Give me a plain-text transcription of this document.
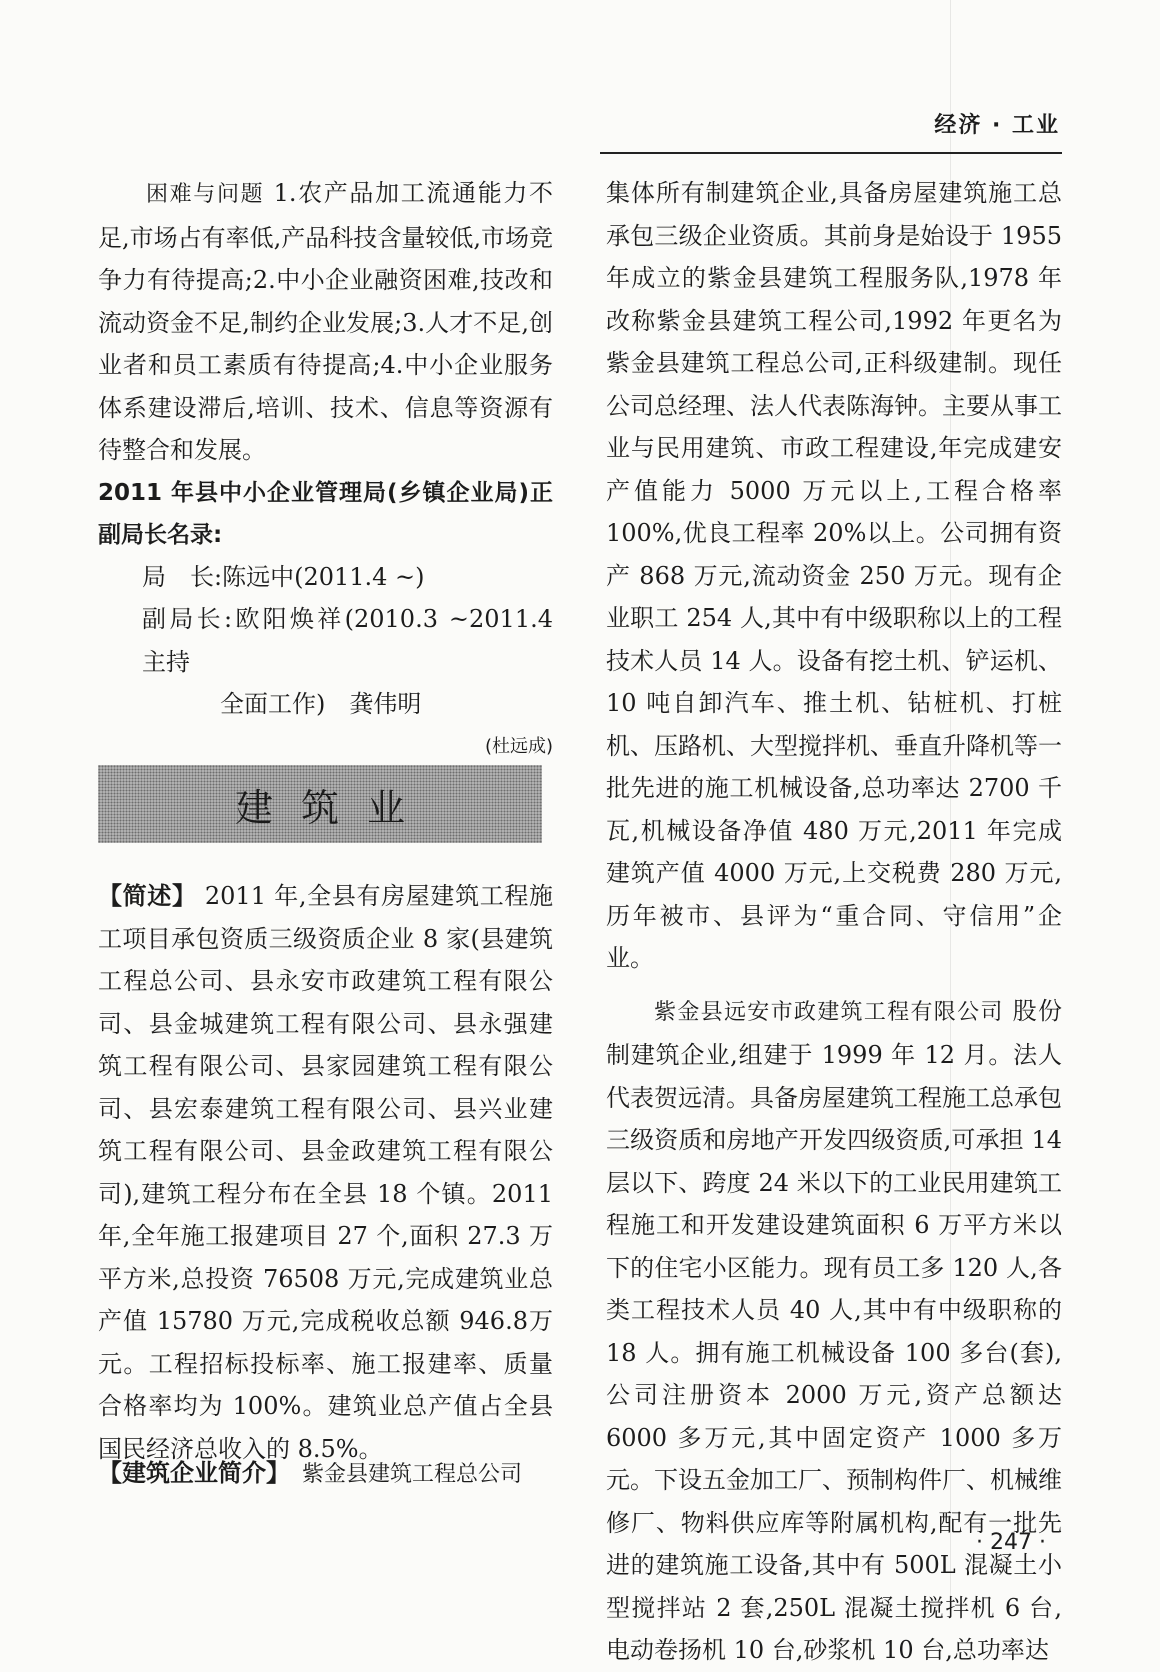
经济 · 工业

困难与问题 1.农产品加工流通能力不足,市场占有率低,产品科技含量较低,市场竞争力有待提高;2.中小企业融资困难,技改和流动资金不足,制约企业发展;3.人才不足,创业者和员工素质有待提高;4.中小企业服务体系建设滞后,培训、技术、信息等资源有待整合和发展。

2011 年县中小企业管理局(乡镇企业局)正副局长名录:

局　长:陈远中(2011.4 ~)

副局长:欧阳焕祥(2010.3 ~2011.4 主持

全面工作)　龚伟明

(杜远成)

建筑业

【简述】 2011 年,全县有房屋建筑工程施工项目承包资质三级资质企业 8 家(县建筑工程总公司、县永安市政建筑工程有限公司、县金城建筑工程有限公司、县永强建筑工程有限公司、县家园建筑工程有限公司、县宏泰建筑工程有限公司、县兴业建筑工程有限公司、县金政建筑工程有限公司),建筑工程分布在全县 18 个镇。2011 年,全年施工报建项目 27 个,面积 27.3 万平方米,总投资 76508 万元,完成建筑业总产值 15780 万元,完成税收总额 946.8万元。工程招标投标率、施工报建率、质量合格率均为 100%。建筑业总产值占全县国民经济总收入的 8.5%。

【建筑企业简介】　 紫金县建筑工程总公司

集体所有制建筑企业,具备房屋建筑施工总承包三级企业资质。其前身是始设于 1955 年成立的紫金县建筑工程服务队,1978 年改称紫金县建筑工程公司,1992 年更名为紫金县建筑工程总公司,正科级建制。现任公司总经理、法人代表陈海钟。主要从事工业与民用建筑、市政工程建设,年完成建安产值能力 5000 万元以上,工程合格率 100%,优良工程率 20%以上。公司拥有资产 868 万元,流动资金 250 万元。现有企业职工 254 人,其中有中级职称以上的工程技术人员 14 人。设备有挖土机、铲运机、10 吨自卸汽车、推土机、钻桩机、打桩机、压路机、大型搅拌机、垂直升降机等一批先进的施工机械设备,总功率达 2700 千瓦,机械设备净值 480 万元,2011 年完成建筑产值 4000 万元,上交税费 280 万元,历年被市、县评为“重合同、守信用”企业。

紫金县远安市政建筑工程有限公司 股份制建筑企业,组建于 1999 年 12 月。法人代表贺远清。具备房屋建筑工程施工总承包三级资质和房地产开发四级资质,可承担 14 层以下、跨度 24 米以下的工业民用建筑工程施工和开发建设建筑面积 6 万平方米以下的住宅小区能力。现有员工多 120 人,各类工程技术人员 40 人,其中有中级职称的 18 人。拥有施工机械设备 100 多台(套),公司注册资本 2000 万元,资产总额达 6000 多万元,其中固定资产 1000 多万元。下设五金加工厂、预制构件厂、机械维修厂、物料供应库等附属机构,配有一批先进的建筑施工设备,其中有 500L 混凝土小型搅拌站 2 套,250L 混凝土搅拌机 6 台,电动卷扬机 10 台,砂浆机 10 台,总功率达

· 247 ·
